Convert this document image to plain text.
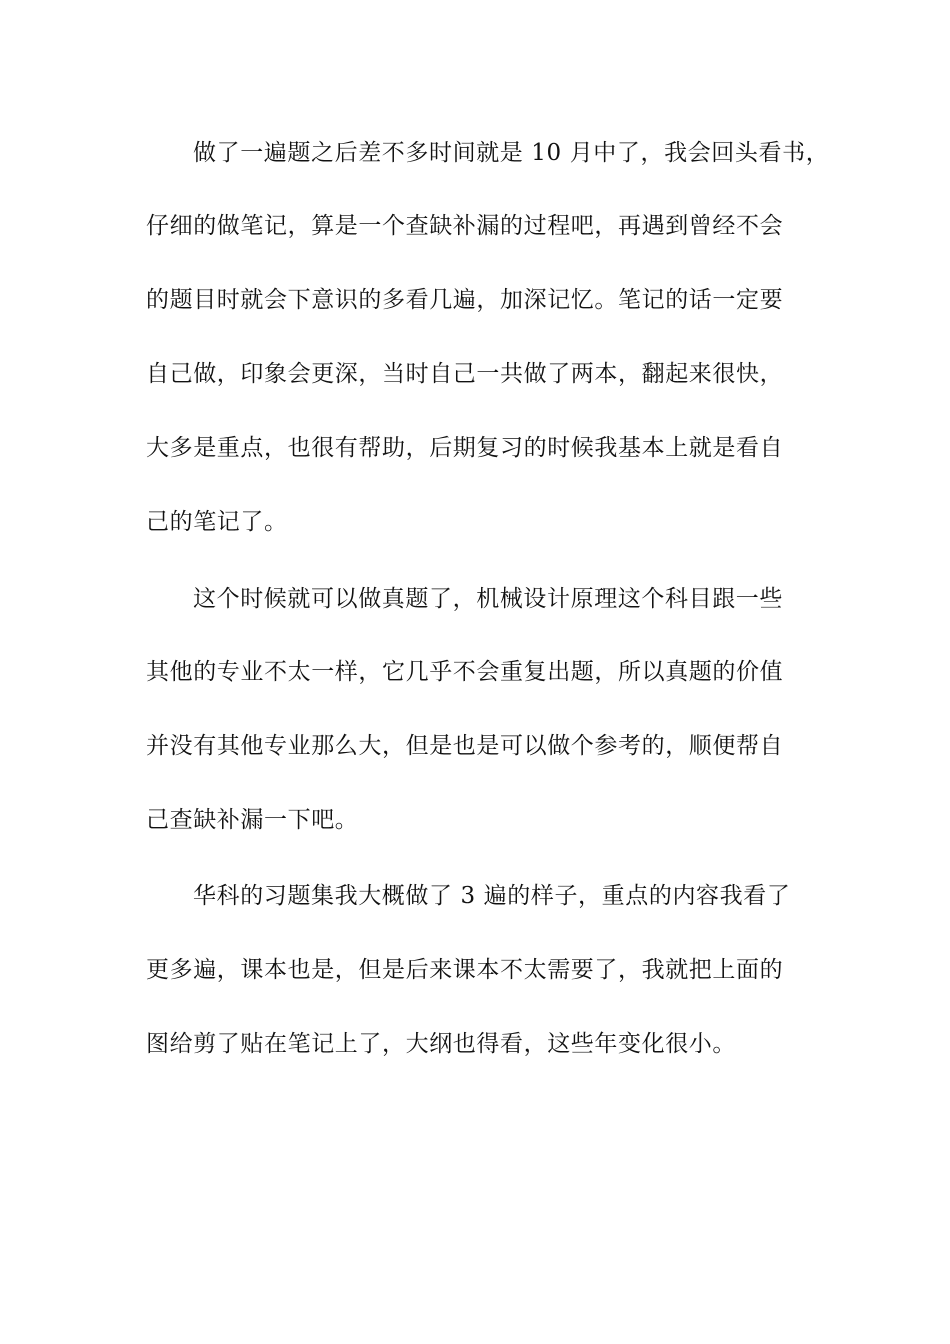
做了一遍题之后差不多时间就是 10 月中了，我会回头看书，
仔细的做笔记，算是一个查缺补漏的过程吧，再遇到曾经不会
的题目时就会下意识的多看几遍，加深记忆。笔记的话一定要
自己做，印象会更深，当时自己一共做了两本，翻起来很快，
大多是重点，也很有帮助，后期复习的时候我基本上就是看自
己的笔记了。
这个时候就可以做真题了，机械设计原理这个科目跟一些
其他的专业不太一样，它几乎不会重复出题，所以真题的价值
并没有其他专业那么大，但是也是可以做个参考的，顺便帮自
己查缺补漏一下吧。
华科的习题集我大概做了 3 遍的样子，重点的内容我看了
更多遍，课本也是，但是后来课本不太需要了，我就把上面的
图给剪了贴在笔记上了，大纲也得看，这些年变化很小。
